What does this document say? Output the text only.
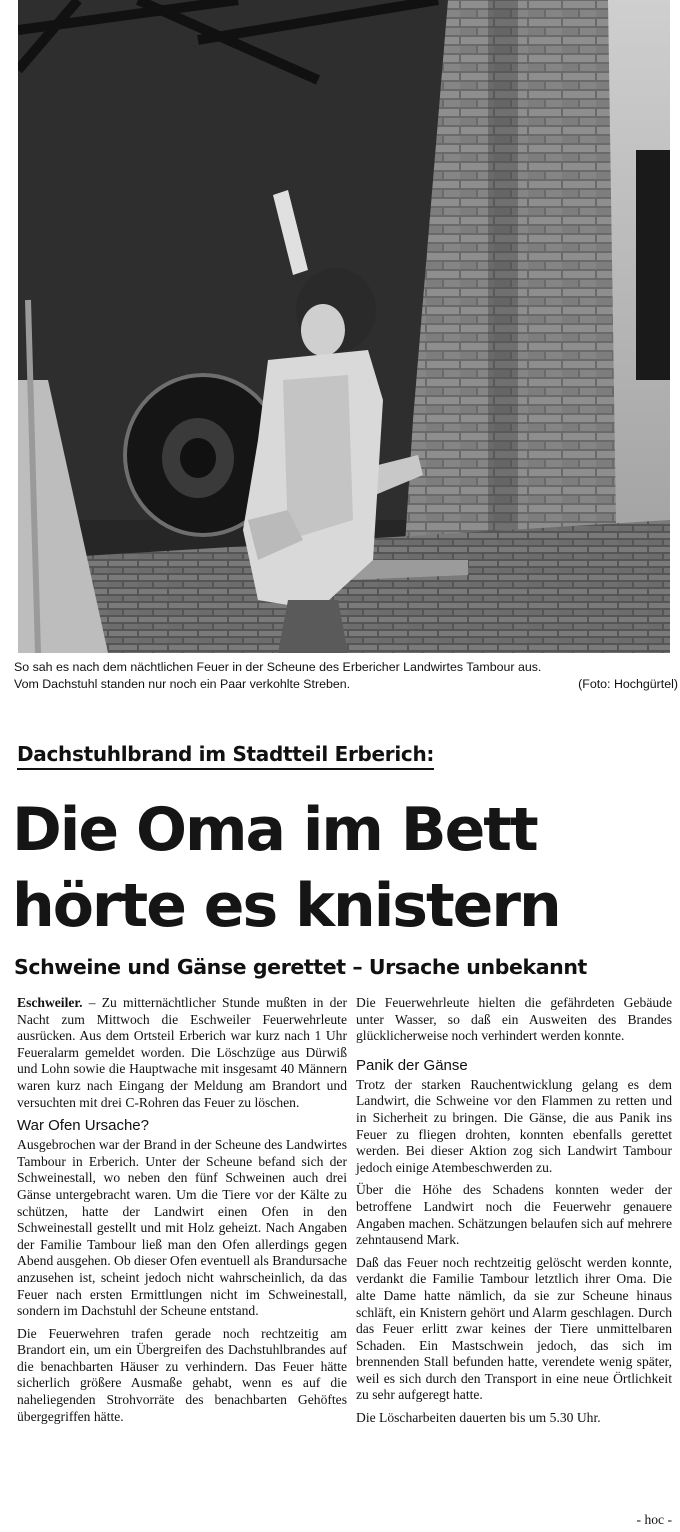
So sah es nach dem nächtlichen Feuer in der Scheune des Erbericher Landwirtes Tambour aus.
Vom Dachstuhl standen nur noch ein Paar verkohlte Streben.	(Foto: Hochgürtel)
Dachstuhlbrand im Stadtteil Erberich:
Die Oma im Bett
hörte es knistern
Schweine und Gänse gerettet – Ursache unbekannt

Eschweiler. – Zu mitternächtlicher Stunde mußten in der Nacht zum Mittwoch die Eschweiler Feuerwehrleute ausrücken. Aus dem Ortsteil Erberich war kurz nach 1 Uhr Feueralarm gemeldet worden. Die Löschzüge aus Dürwiß und Lohn sowie die Hauptwache mit insgesamt 40 Männern waren kurz nach Eingang der Meldung am Brandort und versuchten mit drei C-Rohren das Feuer zu löschen.

War Ofen Ursache?

Ausgebrochen war der Brand in der Scheune des Landwirtes Tambour in Erberich. Unter der Scheune befand sich der Schweinestall, wo neben den fünf Schweinen auch drei Gänse untergebracht waren. Um die Tiere vor der Kälte zu schützen, hatte der Landwirt einen Ofen in den Schweinestall gestellt und mit Holz geheizt. Nach Angaben der Familie Tambour ließ man den Ofen allerdings gegen Abend ausgehen. Ob dieser Ofen eventuell als Brandursache anzusehen ist, scheint jedoch nicht wahrscheinlich, da das Feuer nach ersten Ermittlungen nicht im Schweinestall, sondern im Dachstuhl der Scheune entstand.

Die Feuerwehren trafen gerade noch rechtzeitig am Brandort ein, um ein Übergreifen des Dachstuhlbrandes auf die benachbarten Häuser zu verhindern. Das Feuer hätte sicherlich größere Ausmaße gehabt, wenn es auf die naheliegenden Strohvorräte des benachbarten Gehöftes übergegriffen hätte.

Die Feuerwehrleute hielten die gefährdeten Gebäude unter Wasser, so daß ein Ausweiten des Brandes glücklicherweise noch verhindert werden konnte.

Panik der Gänse

Trotz der starken Rauchentwicklung gelang es dem Landwirt, die Schweine vor den Flammen zu retten und in Sicherheit zu bringen. Die Gänse, die aus Panik ins Feuer zu fliegen drohten, konnten ebenfalls gerettet werden. Bei dieser Aktion zog sich Landwirt Tambour jedoch einige Atembeschwerden zu.

Über die Höhe des Schadens konnten weder der betroffene Landwirt noch die Feuerwehr genauere Angaben machen. Schätzungen belaufen sich auf mehrere zehntausend Mark.

Daß das Feuer noch rechtzeitig gelöscht werden konnte, verdankt die Familie Tambour letztlich ihrer Oma. Die alte Dame hatte nämlich, da sie zur Scheune hinaus schläft, ein Knistern gehört und Alarm geschlagen. Durch das Feuer erlitt zwar keines der Tiere unmittelbaren Schaden. Ein Mastschwein jedoch, das sich im brennenden Stall befunden hatte, verendete wenig später, weil es sich durch den Transport in eine neue Örtlichkeit zu sehr aufgeregt hatte.

Die Löscharbeiten dauerten bis um 5.30 Uhr.

- hoc -
